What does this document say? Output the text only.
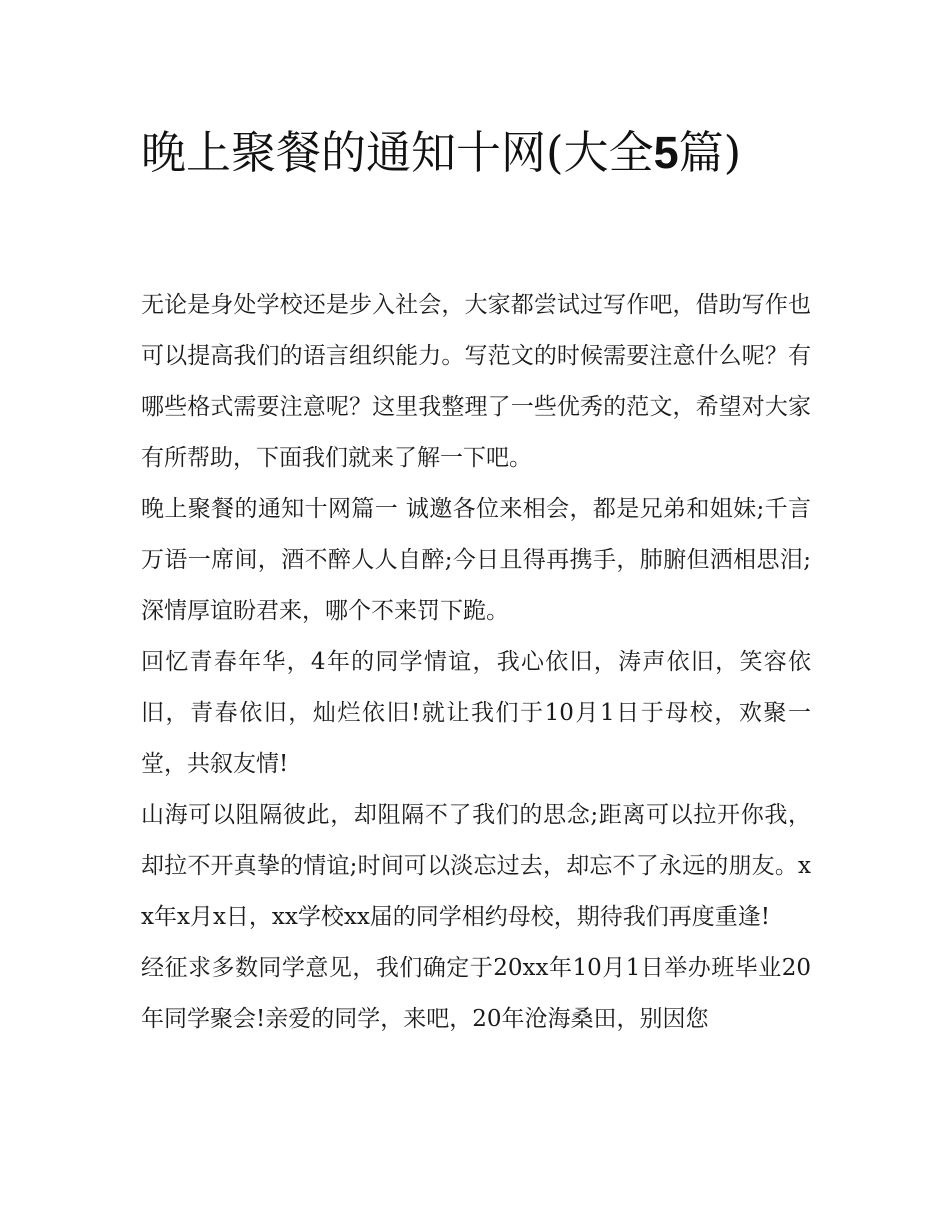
晚上聚餐的通知十网(大全5篇)

无论是身处学校还是步入社会，大家都尝试过写作吧，借助写作也可以提高我们的语言组织能力。写范文的时候需要注意什么呢？有哪些格式需要注意呢？这里我整理了一些优秀的范文，希望对大家有所帮助，下面我们就来了解一下吧。

晚上聚餐的通知十网篇一 诚邀各位来相会，都是兄弟和姐妹;千言万语一席间，酒不醉人人自醉;今日且得再携手，肺腑但洒相思泪;深情厚谊盼君来，哪个不来罚下跪。

回忆青春年华，4年的同学情谊，我心依旧，涛声依旧，笑容依旧，青春依旧，灿烂依旧!就让我们于10月1日于母校，欢聚一堂，共叙友情!

山海可以阻隔彼此，却阻隔不了我们的思念;距离可以拉开你我，却拉不开真挚的情谊;时间可以淡忘过去，却忘不了永远的朋友。xx年x月x日，xx学校xx届的同学相约母校，期待我们再度重逢!

经征求多数同学意见，我们确定于20xx年10月1日举办班毕业20年同学聚会!亲爱的同学，来吧，20年沧海桑田，别因您
